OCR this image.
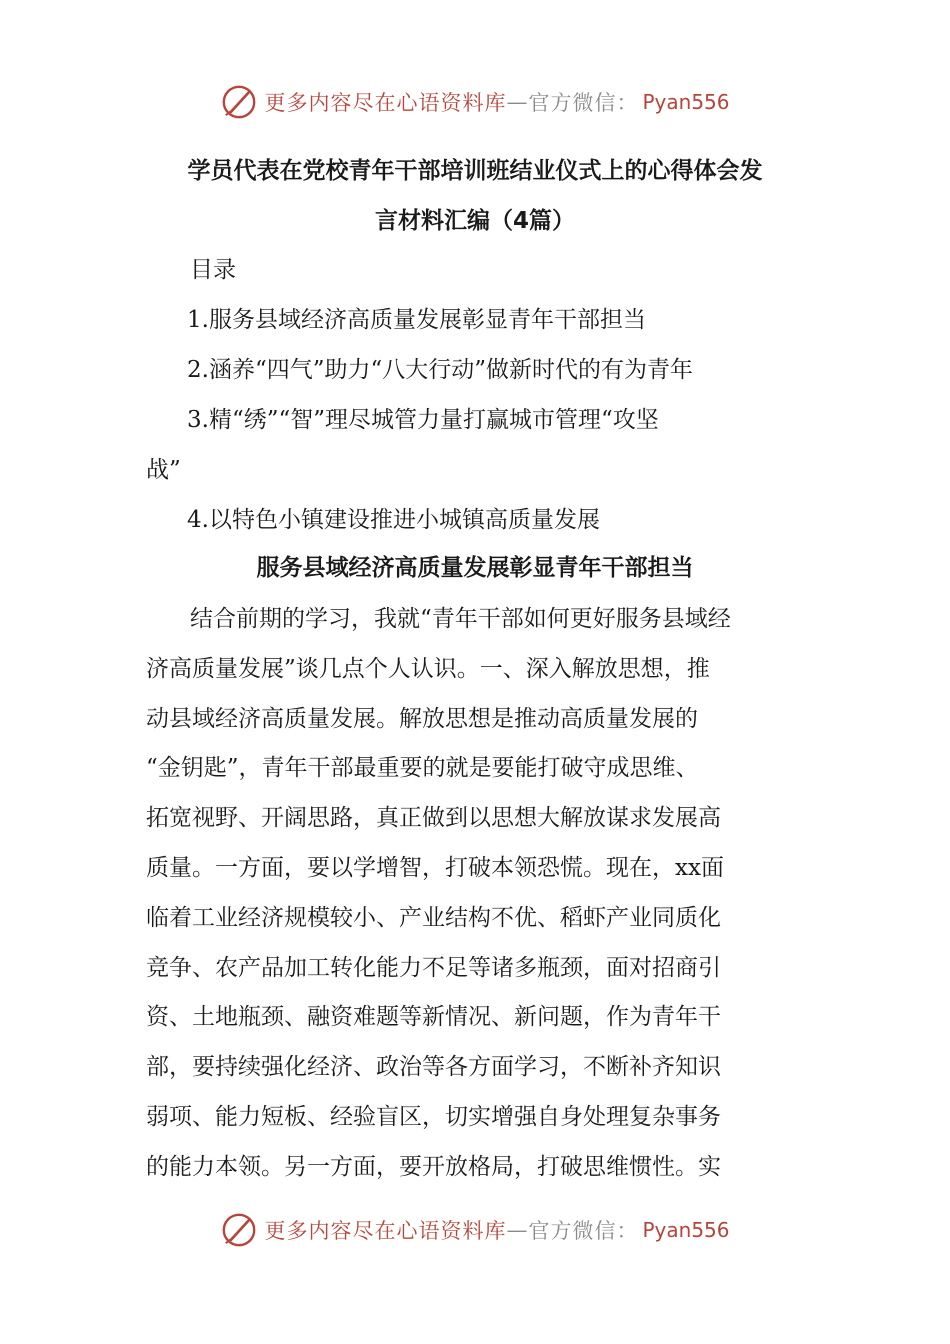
更多内容尽在心语资料库 — 官方微信： Pyan556
学员代表在党校青年干部培训班结业仪式上的心得体会发
言材料汇编（4篇）
目录
1.服务县域经济高质量发展彰显青年干部担当
2.涵养“四气”助力“八大行动”做新时代的有为青年
3.精“绣”“智”理尽城管力量打赢城市管理“攻坚
战”
4.以特色小镇建设推进小城镇高质量发展
服务县域经济高质量发展彰显青年干部担当
结合前期的学习，我就“青年干部如何更好服务县域经
济高质量发展”谈几点个人认识。一、深入解放思想，推
动县域经济高质量发展。解放思想是推动高质量发展的
“金钥匙”，青年干部最重要的就是要能打破守成思维、
拓宽视野、开阔思路，真正做到以思想大解放谋求发展高
质量。一方面，要以学增智，打破本领恐慌。现在，xx面
临着工业经济规模较小、产业结构不优、稻虾产业同质化
竞争、农产品加工转化能力不足等诸多瓶颈，面对招商引
资、土地瓶颈、融资难题等新情况、新问题，作为青年干
部，要持续强化经济、政治等各方面学习，不断补齐知识
弱项、能力短板、经验盲区，切实增强自身处理复杂事务
的能力本领。另一方面，要开放格局，打破思维惯性。实
更多内容尽在心语资料库 — 官方微信： Pyan556
